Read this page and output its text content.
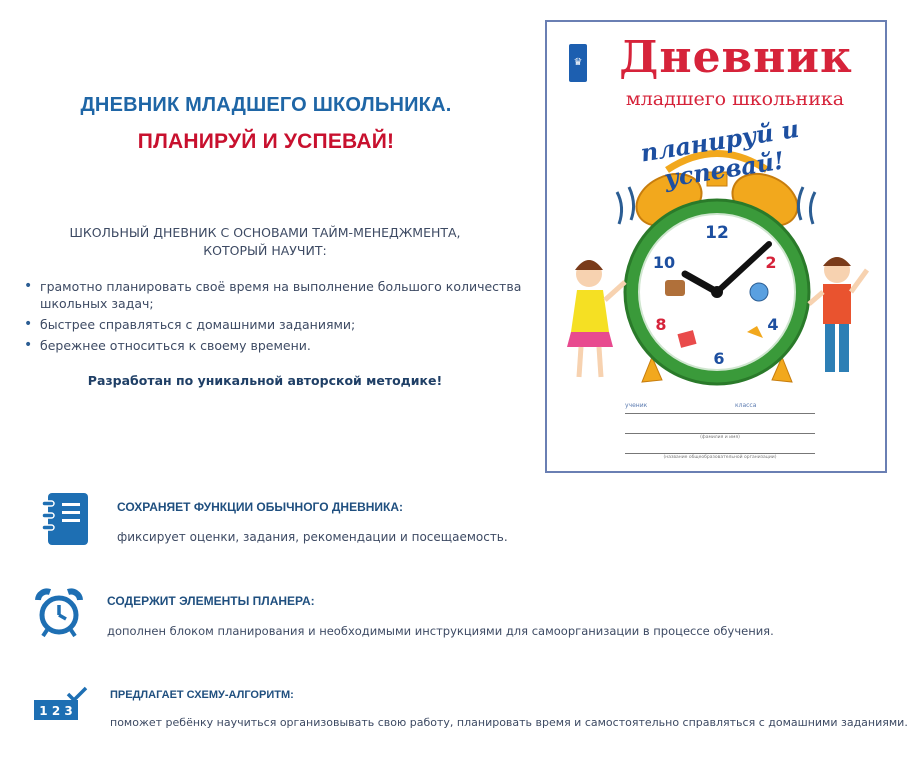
ДНЕВНИК МЛАДШЕГО ШКОЛЬНИКА.
ПЛАНИРУЙ И УСПЕВАЙ!
ШКОЛЬНЫЙ ДНЕВНИК С ОСНОВАМИ ТАЙМ-МЕНЕДЖМЕНТА,
КОТОРЫЙ НАУЧИТ:
• грамотно планировать своё время на выполнение большого количества школьных задач;
• быстрее справляться с домашними заданиями;
• бережнее относиться к своему времени.
Разработан по уникальной авторской методике!
♛ Дневник
младшего школьника
12
2
4
6
8
10
планируй и успевай!
ученик	класса
(фамилия и имя)
(название общеобразовательной организации)
СОХРАНЯЕТ ФУНКЦИИ ОБЫЧНОГО ДНЕВНИКА:
фиксирует оценки, задания, рекомендации и посещаемость.
СОДЕРЖИТ ЭЛЕМЕНТЫ ПЛАНЕРА:
дополнен блоком планирования и необходимыми инструкциями для самоорганизации в процессе обучения.
1 2 3
ПРЕДЛАГАЕТ СХЕМУ-АЛГОРИТМ:
поможет ребёнку научиться организовывать свою работу, планировать время и самостоятельно справляться с домашними заданиями.
